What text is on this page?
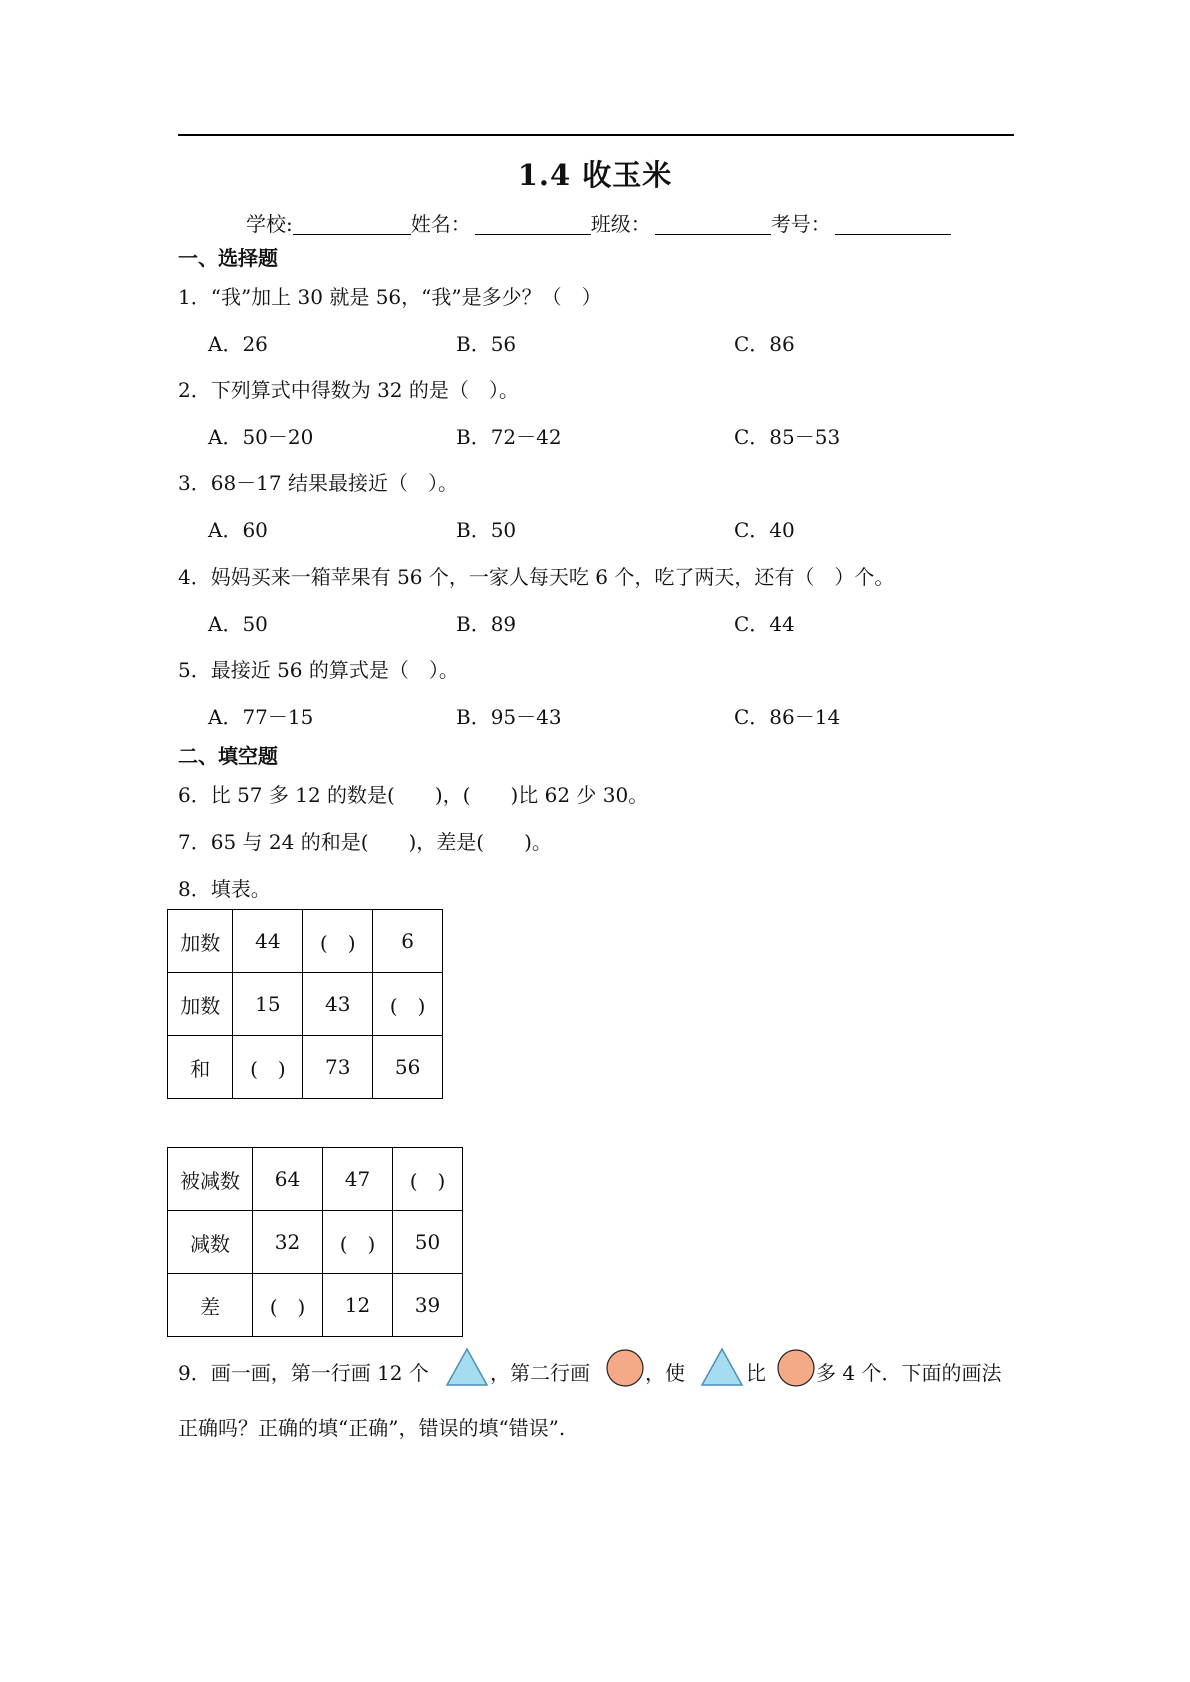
1.4 收玉米
学校:	姓名：	班级：	考号：
一、选择题
1．“我”加上 30 就是 56，“我”是多少？（　）
A．26	B．56	C．86
2．下列算式中得数为 32 的是（　）。
A．50－20	B．72－42	C．85－53
3．68－17 结果最接近（　）。
A．60	B．50	C．40
4．妈妈买来一箱苹果有 56 个，一家人每天吃 6 个，吃了两天，还有（　）个。
A．50	B．89	C．44
5．最接近 56 的算式是（　）。
A．77－15	B．95－43	C．86－14
二、填空题
6．比 57 多 12 的数是(　　)，(　　)比 62 少 30。
7．65 与 24 的和是(　　)，差是(　　)。
8．填表。
加数	44	(　)	6
加数	15	43	(　)
和	(　)	73	56
被减数	64	47	(　)
减数	32	(　)	50
差	(　)	12	39
9．画一画，第一行画 12 个	，第二行画	，使	比	多 4 个．下面的画法
正确吗？正确的填“正确”，错误的填“错误”.
